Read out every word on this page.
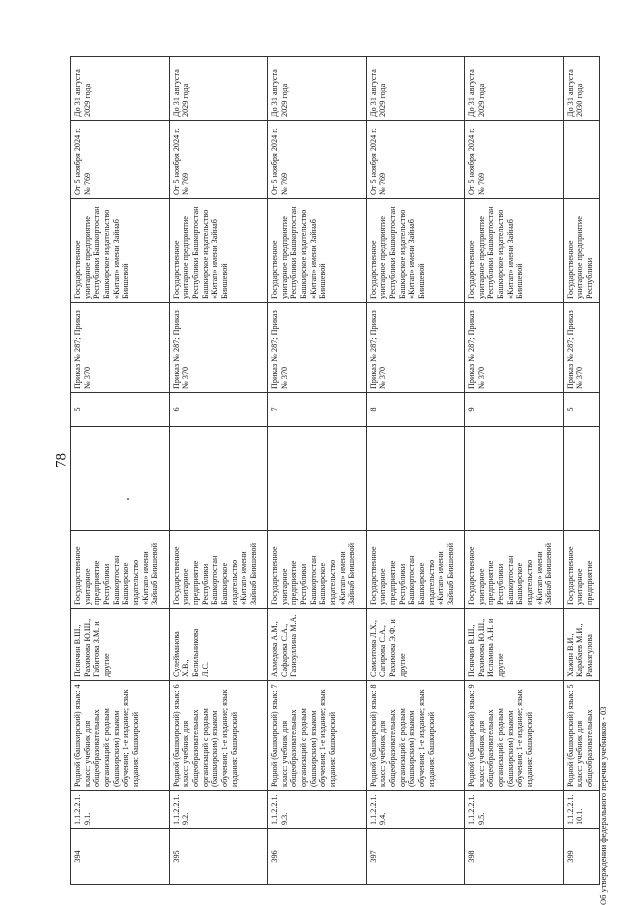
78
Об утверждении федерального перечня учебников - 03
394	1.1.2.2.1.9.1.	Родной (башкирский) язык: 4 класс: учебник для общеобразовательных организаций с родным (башкирским) языком обучения; 1-е издание; язык издания: башкирский	Псянчин В.Ш., Рахимова Ю.Ш., Габитова З.М. и другие	Государственное унитарное предприятие Республики Башкортостан Башкирское издательство «Китап» имени Зайнаб Биишевой		5	Приказ № 287; Приказ № 370	Государственное унитарное предприятие Республики Башкортостан Башкирское издательство «Китап» имени Зайнаб Биишевой	От 5 ноября 2024 г. № 769	До 31 августа 2029 года
395	1.1.2.2.1.9.2.	Родной (башкирский) язык: 6 класс: учебник для общеобразовательных организаций с родным (башкирским) языком обучения; 1-е издание; язык издания: башкирский	Сулейманова Х.В., Белильникова Л.С.	Государственное унитарное предприятие Республики Башкортостан Башкирское издательство «Китап» имени Зайнаб Биишевой		6	Приказ № 287; Приказ № 370	Государственное унитарное предприятие Республики Башкортостан Башкирское издательство «Китап» имени Зайнаб Биишевой	От 5 ноября 2024 г. № 769	До 31 августа 2029 года
396	1.1.2.2.1.9.3.	Родной (башкирский) язык: 7 класс: учебник для общеобразовательных организаций с родным (башкирским) языком обучения; 1-е издание; язык издания: башкирский	Ахмедова А.М., Сафарова С.А., Газизуллина М.А.	Государственное унитарное предприятие Республики Башкортостан Башкирское издательство «Китап» имени Зайнаб Биишевой		7	Приказ № 287; Приказ № 370	Государственное унитарное предприятие Республики Башкортостан Башкирское издательство «Китап» имени Зайнаб Биишевой	От 5 ноября 2024 г. № 769	До 31 августа 2029 года
397	1.1.2.2.1.9.4.	Родной (башкирский) язык: 8 класс: учебник для общеобразовательных организаций с родным (башкирским) языком обучения; 1-е издание; язык издания: башкирский	Самситова Л.Х., Сагирова С.А., Рахимова Э.Ф. и другие	Государственное унитарное предприятие Республики Башкортостан Башкирское издательство «Китап» имени Зайнаб Биишевой		8	Приказ № 287; Приказ № 370	Государственное унитарное предприятие Республики Башкортостан Башкирское издательство «Китап» имени Зайнаб Биишевой	От 5 ноября 2024 г. № 769	До 31 августа 2029 года
398	1.1.2.2.1.9.5.	Родной (башкирский) язык: 9 класс: учебник для общеобразовательных организаций с родным (башкирским) языком обучения; 1-е издание; язык издания: башкирский	Псянчин В.Ш., Рахимова Ю.Ш., Исламова А.Н. и другие	Государственное унитарное предприятие Республики Башкортостан Башкирское издательство «Китап» имени Зайнаб Биишевой		9	Приказ № 287; Приказ № 370	Государственное унитарное предприятие Республики Башкортостан Башкирское издательство «Китап» имени Зайнаб Биишевой	От 5 ноября 2024 г. № 769	До 31 августа 2029 года
399	1.1.2.2.1.10.1.	Родной (башкирский) язык: 5 класс: учебник для общеобразовательных	Хажин В.И., Карабаев М.И., Рамазгулова	Государственное унитарное предприятие		5	Приказ № 287; Приказ № 370	Государственное унитарное предприятие Республики		До 31 августа 2030 года
